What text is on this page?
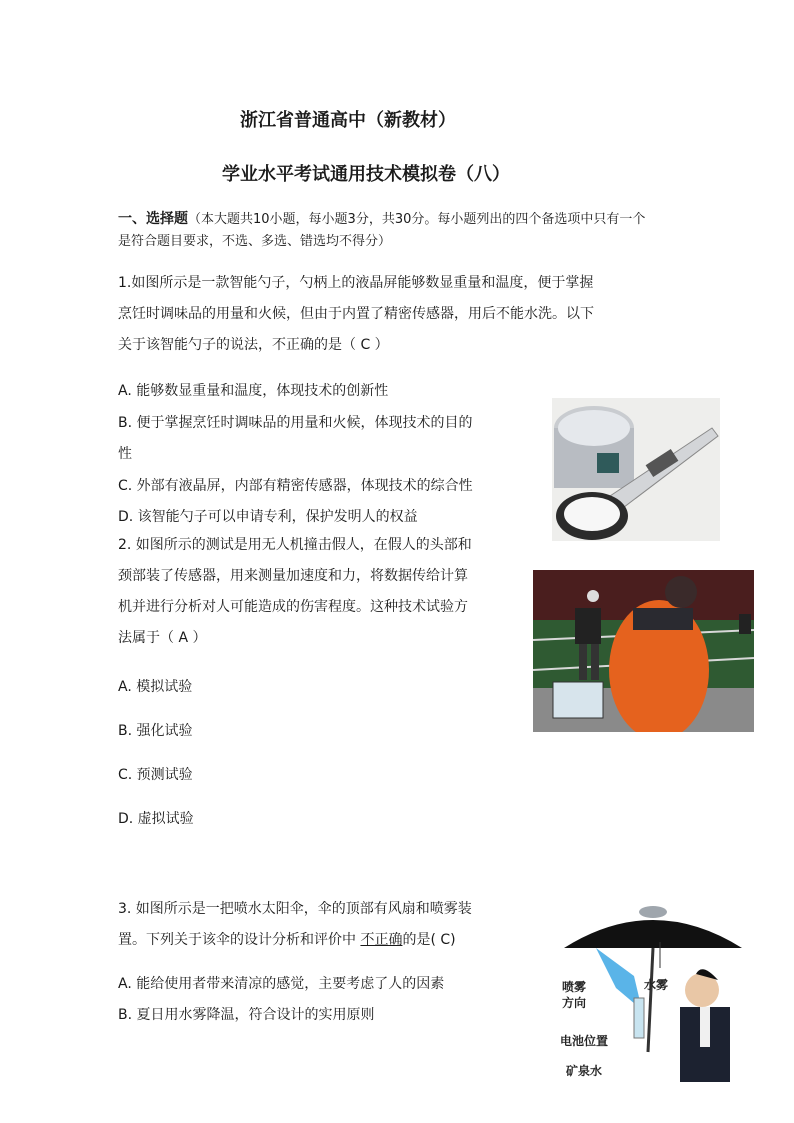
浙江省普通高中（新教材）
学业水平考试通用技术模拟卷（八）
一、选择题（本大题共10小题，每小题3分，共30分。每小题列出的四个备选项中只有一个是符合题目要求，不选、多选、错选均不得分）
1.如图所示是一款智能勺子，勺柄上的液晶屏能够数显重量和温度，便于掌握
烹饪时调味品的用量和火候，但由于内置了精密传感器，用后不能水洗。以下
关于该智能勺子的说法，不正确的是（ C ）
A. 能够数显重量和温度，体现技术的创新性
B. 便于掌握烹饪时调味品的用量和火候，体现技术的目的
性
C. 外部有液晶屏，内部有精密传感器，体现技术的综合性
D. 该智能勺子可以申请专利，保护发明人的权益
2. 如图所示的测试是用无人机撞击假人，在假人的头部和
颈部装了传感器，用来测量加速度和力，将数据传给计算
机并进行分析对人可能造成的伤害程度。这种技术试验方
法属于（ A ）
A. 模拟试验
B. 强化试验
C. 预测试验
D. 虚拟试验
3. 如图所示是一把喷水太阳伞，伞的顶部有风扇和喷雾装
置。下列关于该伞的设计分析和评价中 不正确的是( C)
A. 能给使用者带来清凉的感觉，主要考虑了人的因素
B. 夏日用水雾降温，符合设计的实用原则
喷雾
方向
水雾
电池位置
矿泉水
